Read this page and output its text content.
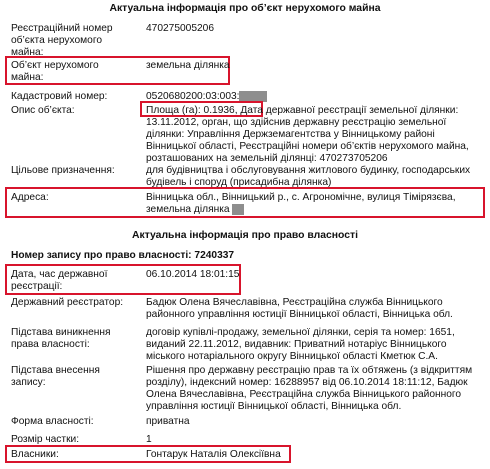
Актуальна інформація про об’єкт нерухомого майна
Реєстраційний номер об’єкта нерухомого майна:
470275005206
Об’єкт нерухомого майна:
земельна ділянка
Кадастровий номер:	0520680200:03:003:
Опис об’єкта:	Площа (га): 0.1936, Дата державної реєстрації земельної ділянки: 13.11.2012, орган, що здійснив державну реєстрацію земельної ділянки: Управління Держземагентства у Вінницькому районі Вінницької області, Реєстраційні номери об’єктів нерухомого майна, розташованих на земельній ділянці: 470273705206
Цільове призначення:	для будівництва і обслуговування житлового будинку, господарських будівель і споруд (присадибна ділянка)
Адреса:	Вінницька обл., Вінницький р., с. Агрономічне, вулиця Тімірязєва, земельна ділянка
Актуальна інформація про право власності
Номер запису про право власності: 7240337
Дата, час державної реєстрації:
06.10.2014 18:01:15
Державний реєстратор:	Бадюк Олена Вячеславівна, Реєстраційна служба Вінницького районного управління юстиції Вінницької області, Вінницька обл.
Підстава виникнення права власності:
договір купівлі-продажу, земельної ділянки, серія та номер: 1651, виданий 22.11.2012, видавник: Приватний нотаріус Вінницького міського нотаріального округу Вінницької області Кметюк С.А.
Підстава внесення запису:
Рішення про державну реєстрацію прав та їх обтяжень (з відкриттям розділу), індексний номер: 16288957 від 06.10.2014 18:11:12, Бадюк Олена Вячеславівна, Реєстраційна служба Вінницького районного управління юстиції Вінницької області, Вінницька обл.
Форма власності:	приватна
Розмір частки:	1
Власники:	Гонтарук Наталія Олексіївна
